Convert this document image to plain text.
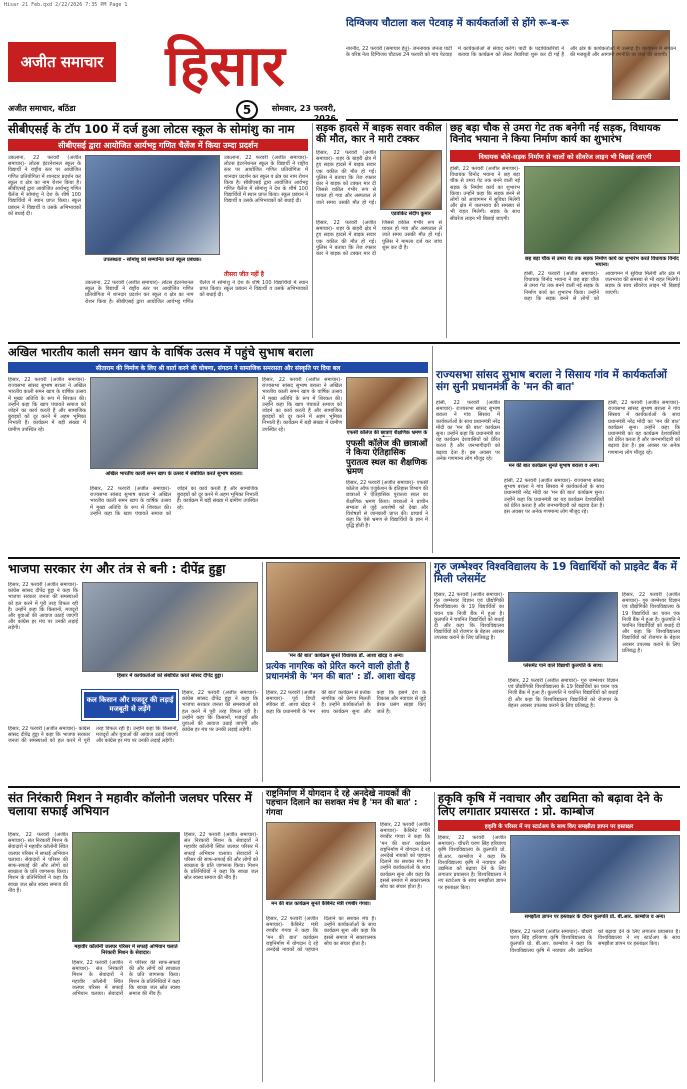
Hisar 21 Feb.qxd 2/22/2026 7:35 PM Page 1
अजीत समाचार	हिसार
अजीत समाचार, बठिंडा	5	सोमवार, 23 फरवरी,
दिग्विजय चौटाला कल पेटवाड़ में कार्यकर्ताओं से होंगे रू-ब-रू
नारनौंद, 22 फरवरी (समाचार हेतु)- जननायक जनता पार्टी के वरिष्ठ नेता दिग्विजय चौटाला 24 फरवरी को गांव पेटवाड़ में कार्यकर्ताओं से संवाद करेंगे। पार्टी के पदाधिकारियों ने बताया कि कार्यक्रम को लेकर तैयारियां शुरू कर दी गई हैं और क्षेत्र के कार्यकर्ताओं में उत्साह है। कार्यक्रम में संगठन की मजबूती और आगामी रणनीति पर चर्चा की जाएगी।
सीबीएसई के टॉप 100 में दर्ज हुआ लोटस स्कूल के सोमांशु का नाम
सीबीएसई द्वारा आयोजित आर्यभट्ट गणित चैलेंज में किया उम्दा प्रदर्शन
उकलाना, 22 फरवरी (अजीत समाचार)- लोटस इंटरनेशनल स्कूल के विद्यार्थी ने राष्ट्रीय स्तर पर आयोजित गणित प्रतियोगिता में शानदार प्रदर्शन कर स्कूल व क्षेत्र का नाम रोशन किया है। सीबीएसई द्वारा आयोजित आर्यभट्ट गणित चैलेंज में सोमांशु ने देश के शीर्ष 100 विद्यार्थियों में स्थान प्राप्त किया। स्कूल प्रबंधन ने विद्यार्थी व उसके अभिभावकों को बधाई दी।
उपलब्धता - सोमांशु को सम्मानित करते स्कूल प्रबंधक।
उकलाना, 22 फरवरी (अजीत समाचार)- लोटस इंटरनेशनल स्कूल के विद्यार्थी ने राष्ट्रीय स्तर पर आयोजित गणित प्रतियोगिता में शानदार प्रदर्शन कर स्कूल व क्षेत्र का नाम रोशन किया है। सीबीएसई द्वारा आयोजित आर्यभट्ट गणित चैलेंज में सोमांशु ने देश के शीर्ष 100 विद्यार्थियों में स्थान प्राप्त किया। स्कूल प्रबंधन ने विद्यार्थी व उसके अभिभावकों को बधाई दी।
तीसरा जीत नहीं है
उकलाना, 22 फरवरी (अजीत समाचार)- लोटस इंटरनेशनल स्कूल के विद्यार्थी ने राष्ट्रीय स्तर पर आयोजित गणित प्रतियोगिता में शानदार प्रदर्शन कर स्कूल व क्षेत्र का नाम रोशन किया है। सीबीएसई द्वारा आयोजित आर्यभट्ट गणित चैलेंज में सोमांशु ने देश के शीर्ष 100 विद्यार्थियों में स्थान प्राप्त किया। स्कूल प्रबंधन ने विद्यार्थी व उसके अभिभावकों को बधाई दी।
सड़क हादसे में बाइक सवार वकील की मौत, कार ने मारी टक्कर
हिसार, 22 फरवरी (अजीत समाचार)- शहर के बाहरी क्षेत्र में हुए सड़क हादसे में बाइक सवार एक वकील की मौत हो गई। पुलिस ने बताया कि तेज रफ्तार कार ने बाइक को टक्कर मार दी जिससे वकील गंभीर रूप से घायल हो गया और अस्पताल ले जाते समय उसकी मौत हो गई।
एडवोकेट संदीप कुमार
हिसार, 22 फरवरी (अजीत समाचार)- शहर के बाहरी क्षेत्र में हुए सड़क हादसे में बाइक सवार एक वकील की मौत हो गई। पुलिस ने बताया कि तेज रफ्तार कार ने बाइक को टक्कर मार दी जिससे वकील गंभीर रूप से घायल हो गया और अस्पताल ले जाते समय उसकी मौत हो गई। पुलिस ने मामला दर्ज कर जांच शुरू कर दी है।
छह बड़ा चौक से उमरा गेट तक बनेगी नई सड़क, विधायक विनोद भयाना ने किया निर्माण कार्य का शुभारंभ
विधायक बोले-सड़क निर्माण से चालों को सीवरेज लाइन भी बिछाई जाएगी
हांसी, 22 फरवरी (अजीत समाचार)- विधायक विनोद भयाना ने छह बड़ा चौक से उमरा गेट तक बनने वाली नई सड़क के निर्माण कार्य का शुभारंभ किया। उन्होंने कहा कि सड़क बनने से लोगों को आवागमन में सुविधा मिलेगी और क्षेत्र में जलभराव की समस्या से भी राहत मिलेगी। सड़क के साथ सीवरेज लाइन भी बिछाई जाएगी।
छह बड़ा चौक से उमरा गेट तक सड़क निर्माण कार्य का शुभारंभ करते विधायक विनोद भयाना।
हांसी, 22 फरवरी (अजीत समाचार)- विधायक विनोद भयाना ने छह बड़ा चौक से उमरा गेट तक बनने वाली नई सड़क के निर्माण कार्य का शुभारंभ किया। उन्होंने कहा कि सड़क बनने से लोगों को आवागमन में सुविधा मिलेगी और क्षेत्र में जलभराव की समस्या से भी राहत मिलेगी। सड़क के साथ सीवरेज लाइन भी बिछाई जाएगी।
अखिल भारतीय काली समन खाप के वार्षिक उत्सव में पहुंचे सुभाष बराला
सीताराम की निर्माण के लिए श्री वार्ता करने की घोषणा, संगठन ने सामाजिक समरसता और संस्कृति पर दिया बल
हिसार, 22 फरवरी (अजीत समाचार)- राज्यसभा सांसद सुभाष बराला ने अखिल भारतीय काली समन खाप के वार्षिक उत्सव में मुख्य अतिथि के रूप में शिरकत की। उन्होंने कहा कि खाप पंचायतें समाज को जोड़ने का कार्य करती हैं और सामाजिक बुराइयों को दूर करने में अहम भूमिका निभाती हैं। कार्यक्रम में बड़ी संख्या में ग्रामीण उपस्थित रहे।
अखिल भारतीय काली समन खाप के उत्सव में संबोधित करते सुभाष बराला।
हिसार, 22 फरवरी (अजीत समाचार)- राज्यसभा सांसद सुभाष बराला ने अखिल भारतीय काली समन खाप के वार्षिक उत्सव में मुख्य अतिथि के रूप में शिरकत की। उन्होंने कहा कि खाप पंचायतें समाज को जोड़ने का कार्य करती हैं और सामाजिक बुराइयों को दूर करने में अहम भूमिका निभाती हैं। कार्यक्रम में बड़ी संख्या में ग्रामीण उपस्थित रहे।
हिसार, 22 फरवरी (अजीत समाचार)- राज्यसभा सांसद सुभाष बराला ने अखिल भारतीय काली समन खाप के वार्षिक उत्सव में मुख्य अतिथि के रूप में शिरकत की। उन्होंने कहा कि खाप पंचायतें समाज को जोड़ने का कार्य करती हैं और सामाजिक बुराइयों को दूर करने में अहम भूमिका निभाती हैं। कार्यक्रम में बड़ी संख्या में ग्रामीण उपस्थित रहे।
एफसी कॉलेज की छात्राएं शैक्षणिक भ्रमण के
एफसी कॉलेज की छात्राओं ने किया ऐतिहासिक पुरातत्व स्थल का शैक्षणिक भ्रमण
हिसार, 22 फरवरी (अजीत समाचार)- एफसी कॉलेज ऑफ एजुकेशन के इतिहास विभाग की छात्राओं ने ऐतिहासिक पुरातत्व स्थल का शैक्षणिक भ्रमण किया। छात्राओं ने प्राचीन सभ्यता से जुड़े अवशेषों को देखा और विशेषज्ञों से जानकारी प्राप्त की। प्राचार्य ने कहा कि ऐसे भ्रमण से विद्यार्थियों के ज्ञान में वृद्धि होती है।
राज्यसभा सांसद सुभाष बराला ने सिसाय गांव में कार्यकर्ताओं संग सुनी प्रधानमंत्री के 'मन की बात'
हांसी, 22 फरवरी (अजीत समाचार)- राज्यसभा सांसद सुभाष बराला ने गांव सिसाय में कार्यकर्ताओं के साथ प्रधानमंत्री नरेंद्र मोदी का 'मन की बात' कार्यक्रम सुना। उन्होंने कहा कि प्रधानमंत्री का यह कार्यक्रम देशवासियों को प्रेरित करता है और जनभागीदारी को बढ़ावा देता है। इस अवसर पर अनेक गणमान्य लोग मौजूद रहे।
मन की बात कार्यक्रम सुनते सुभाष बराला व अन्य।
हांसी, 22 फरवरी (अजीत समाचार)- राज्यसभा सांसद सुभाष बराला ने गांव सिसाय में कार्यकर्ताओं के साथ प्रधानमंत्री नरेंद्र मोदी का 'मन की बात' कार्यक्रम सुना। उन्होंने कहा कि प्रधानमंत्री का यह कार्यक्रम देशवासियों को प्रेरित करता है और जनभागीदारी को बढ़ावा देता है। इस अवसर पर अनेक गणमान्य लोग मौजूद रहे।
हांसी, 22 फरवरी (अजीत समाचार)- राज्यसभा सांसद सुभाष बराला ने गांव सिसाय में कार्यकर्ताओं के साथ प्रधानमंत्री नरेंद्र मोदी का 'मन की बात' कार्यक्रम सुना। उन्होंने कहा कि प्रधानमंत्री का यह कार्यक्रम देशवासियों को प्रेरित करता है और जनभागीदारी को बढ़ावा देता है। इस अवसर पर अनेक गणमान्य लोग मौजूद रहे।
भाजपा सरकार रंग और तंत्र से बनी : दीपेंद्र हुड्डा
हिसार, 22 फरवरी (अजीत समाचार)- कांग्रेस सांसद दीपेंद्र हुड्डा ने कहा कि भाजपा सरकार जनता की समस्याओं को हल करने में पूरी तरह विफल रही है। उन्होंने कहा कि किसानों, मजदूरों और युवाओं की आवाज उठाई जाएगी और कांग्रेस हर मंच पर उनकी लड़ाई लड़ेगी।
हिसार में कार्यकर्ताओं को संबोधित करते सांसद दीपेंद्र हुड्डा।
कल किसान और मजदूर की लड़ाई मजबूती से लड़ेंगे
हिसार, 22 फरवरी (अजीत समाचार)- कांग्रेस सांसद दीपेंद्र हुड्डा ने कहा कि भाजपा सरकार जनता की समस्याओं को हल करने में पूरी तरह विफल रही है। उन्होंने कहा कि किसानों, मजदूरों और युवाओं की आवाज उठाई जाएगी और कांग्रेस हर मंच पर उनकी लड़ाई लड़ेगी।
हिसार, 22 फरवरी (अजीत समाचार)- कांग्रेस सांसद दीपेंद्र हुड्डा ने कहा कि भाजपा सरकार जनता की समस्याओं को हल करने में पूरी तरह विफल रही है। उन्होंने कहा कि किसानों, मजदूरों और युवाओं की आवाज उठाई जाएगी और कांग्रेस हर मंच पर उनकी लड़ाई लड़ेगी।
'मन की बात' कार्यक्रम सुनते विधायक डॉ. आशा खेदड़ व अन्य।
प्रत्येक नागरिक को प्रेरित करने वाली होती है प्रधानमंत्री के 'मन की बात' : डॉ. आशा खेदड़
हिसार, 22 फरवरी (अजीत समाचार)- पूर्व डिप्टी स्पीकर डॉ. आशा खेदड़ ने कहा कि प्रधानमंत्री के 'मन की बात' कार्यक्रम से प्रत्येक नागरिक को प्रेरणा मिलती है। उन्होंने कार्यकर्ताओं के साथ कार्यक्रम सुना और कहा कि इसमें देश के विकास और नवाचार से जुड़े प्रेरक प्रसंग साझा किए जाते हैं।
गुरु जम्भेश्वर विश्वविद्यालय के 19 विद्यार्थियों को प्राइवेट बैंक में मिली प्लेसमेंट
हिसार, 22 फरवरी (अजीत समाचार)- गुरु जम्भेश्वर विज्ञान एवं प्रौद्योगिकी विश्वविद्यालय के 19 विद्यार्थियों का चयन एक निजी बैंक में हुआ है। कुलपति ने चयनित विद्यार्थियों को बधाई दी और कहा कि विश्वविद्यालय विद्यार्थियों को रोजगार के बेहतर अवसर उपलब्ध कराने के लिए प्रतिबद्ध है।
प्लेसमेंट पाने वाले विद्यार्थी कुलपति के साथ।
हिसार, 22 फरवरी (अजीत समाचार)- गुरु जम्भेश्वर विज्ञान एवं प्रौद्योगिकी विश्वविद्यालय के 19 विद्यार्थियों का चयन एक निजी बैंक में हुआ है। कुलपति ने चयनित विद्यार्थियों को बधाई दी और कहा कि विश्वविद्यालय विद्यार्थियों को रोजगार के बेहतर अवसर उपलब्ध कराने के लिए प्रतिबद्ध है।
हिसार, 22 फरवरी (अजीत समाचार)- गुरु जम्भेश्वर विज्ञान एवं प्रौद्योगिकी विश्वविद्यालय के 19 विद्यार्थियों का चयन एक निजी बैंक में हुआ है। कुलपति ने चयनित विद्यार्थियों को बधाई दी और कहा कि विश्वविद्यालय विद्यार्थियों को रोजगार के बेहतर अवसर उपलब्ध कराने के लिए प्रतिबद्ध है।
संत निरंकारी मिशन ने महावीर कॉलोनी जलघर परिसर में चलाया सफाई अभियान
हिसार, 22 फरवरी (अजीत समाचार)- संत निरंकारी मिशन के सेवादारों ने महावीर कॉलोनी स्थित जलघर परिसर में सफाई अभियान चलाया। सेवादारों ने परिसर की साफ-सफाई की और लोगों को स्वच्छता के प्रति जागरूक किया। मिशन के प्रतिनिधियों ने कहा कि स्वच्छ जल स्रोत स्वस्थ समाज की नींव हैं।
महावीर कॉलोनी जलघर परिसर में सफाई अभियान चलाते निरंकारी मिशन के सेवादार।
हिसार, 22 फरवरी (अजीत समाचार)- संत निरंकारी मिशन के सेवादारों ने महावीर कॉलोनी स्थित जलघर परिसर में सफाई अभियान चलाया। सेवादारों ने परिसर की साफ-सफाई की और लोगों को स्वच्छता के प्रति जागरूक किया। मिशन के प्रतिनिधियों ने कहा कि स्वच्छ जल स्रोत स्वस्थ समाज की नींव हैं।
हिसार, 22 फरवरी (अजीत समाचार)- संत निरंकारी मिशन के सेवादारों ने महावीर कॉलोनी स्थित जलघर परिसर में सफाई अभियान चलाया। सेवादारों ने परिसर की साफ-सफाई की और लोगों को स्वच्छता के प्रति जागरूक किया। मिशन के प्रतिनिधियों ने कहा कि स्वच्छ जल स्रोत स्वस्थ समाज की नींव हैं।
राष्ट्रनिर्माण में योगदान दे रहे अनदेखे नायकों की पहचान दिलाने का सशक्त मंच है 'मन की बात' : गंगवा
मन की बात कार्यक्रम सुनते कैबिनेट मंत्री रणबीर गंगवा।
हिसार, 22 फरवरी (अजीत समाचार)- कैबिनेट मंत्री रणबीर गंगवा ने कहा कि 'मन की बात' कार्यक्रम राष्ट्रनिर्माण में योगदान दे रहे अनदेखे नायकों को पहचान दिलाने का सशक्त मंच है। उन्होंने कार्यकर्ताओं के साथ कार्यक्रम सुना और कहा कि इससे समाज में सकारात्मक सोच का संचार होता है।
हिसार, 22 फरवरी (अजीत समाचार)- कैबिनेट मंत्री रणबीर गंगवा ने कहा कि 'मन की बात' कार्यक्रम राष्ट्रनिर्माण में योगदान दे रहे अनदेखे नायकों को पहचान दिलाने का सशक्त मंच है। उन्होंने कार्यकर्ताओं के साथ कार्यक्रम सुना और कहा कि इससे समाज में सकारात्मक सोच का संचार होता है।
हकृवि कृषि में नवाचार और उद्यमिता को बढ़ावा देने के लिए लगातार प्रयासरत : प्रो. काम्बोज
हकृवि के परिसर में नए स्टार्टअप के साथ किए समझौता ज्ञापन पर हस्ताक्षर
हिसार, 22 फरवरी (अजीत समाचार)- चौधरी चरण सिंह हरियाणा कृषि विश्वविद्यालय के कुलपति प्रो. बी.आर. काम्बोज ने कहा कि विश्वविद्यालय कृषि में नवाचार और उद्यमिता को बढ़ावा देने के लिए लगातार प्रयासरत है। विश्वविद्यालय ने नए स्टार्टअप के साथ समझौता ज्ञापन पर हस्ताक्षर किए।
समझौता ज्ञापन पर हस्ताक्षर के दौरान कुलपति प्रो. बी.आर. काम्बोज व अन्य।
हिसार, 22 फरवरी (अजीत समाचार)- चौधरी चरण सिंह हरियाणा कृषि विश्वविद्यालय के कुलपति प्रो. बी.आर. काम्बोज ने कहा कि विश्वविद्यालय कृषि में नवाचार और उद्यमिता को बढ़ावा देने के लिए लगातार प्रयासरत है। विश्वविद्यालय ने नए स्टार्टअप के साथ समझौता ज्ञापन पर हस्ताक्षर किए।
